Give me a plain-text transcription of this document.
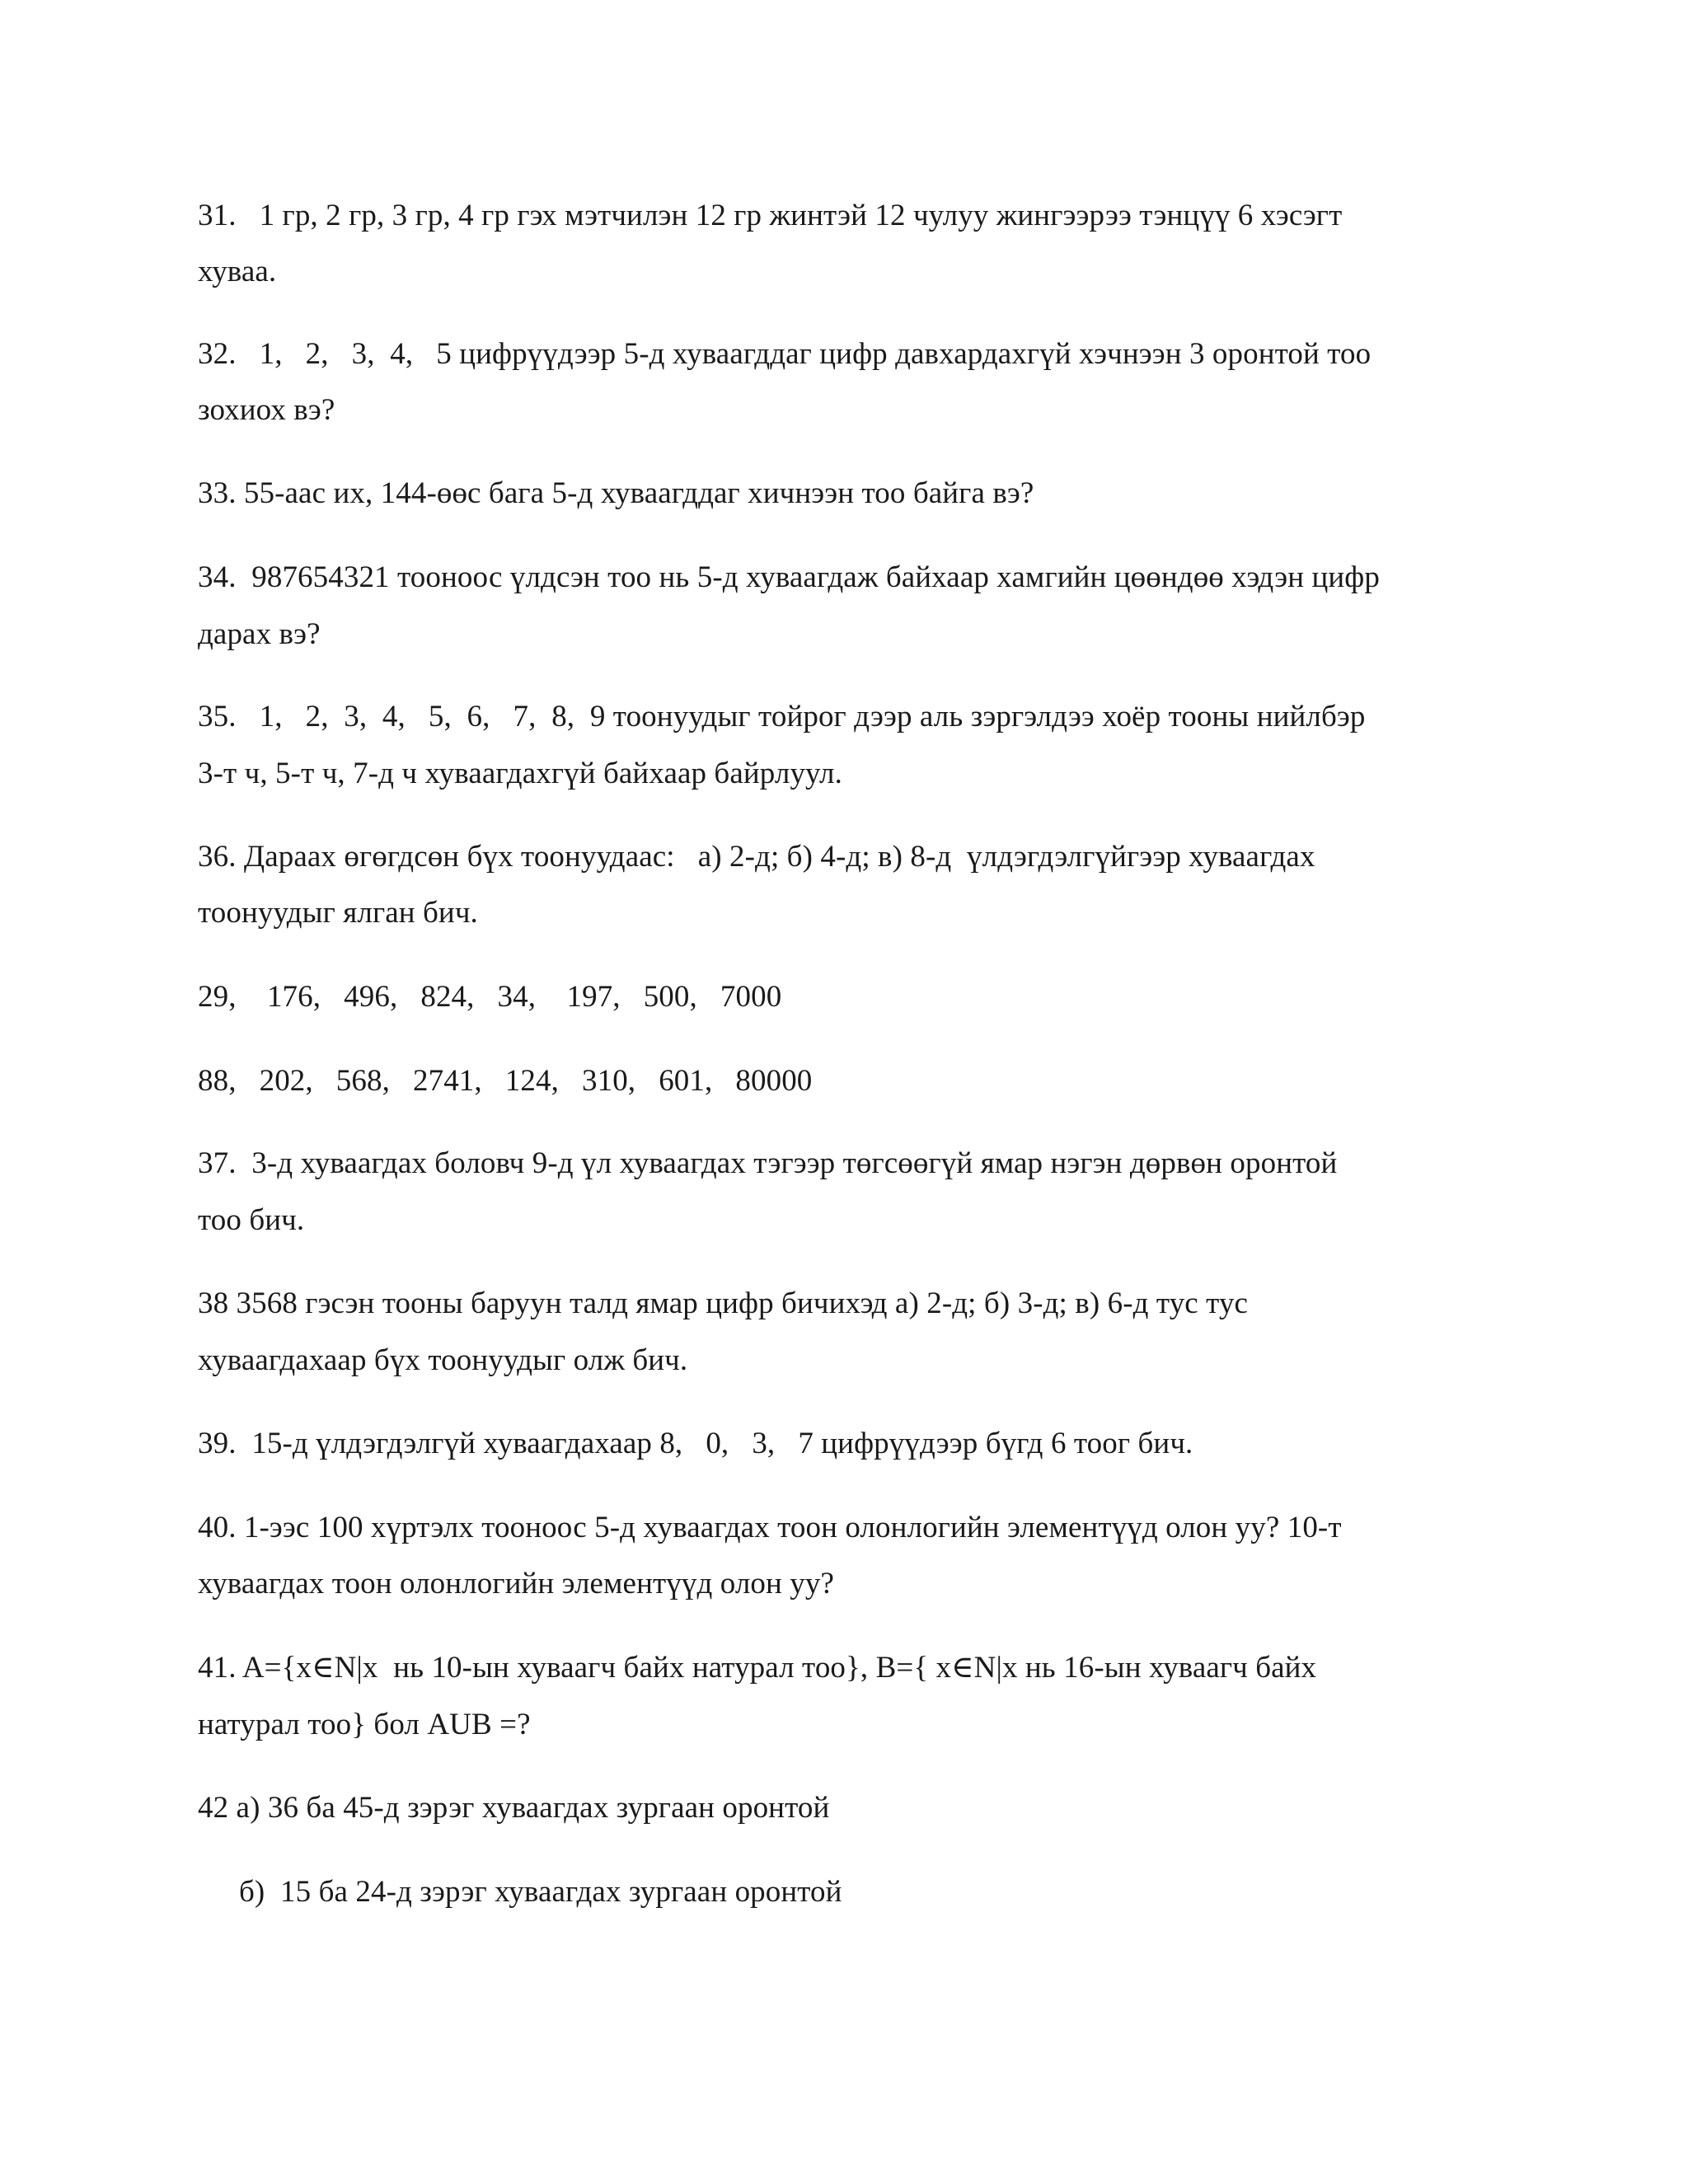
31.   1 гр, 2 гр, 3 гр, 4 гр гэх мэтчилэн 12 гр жинтэй 12 чулуу жингээрээ тэнцүү 6 хэсэгт
хуваа.
32.   1,   2,   3,  4,   5 цифрүүдээр 5-д хуваагддаг цифр давхардахгүй хэчнээн 3 оронтой тоо
зохиох вэ?
33. 55-аас их, 144-өөс бага 5-д хуваагддаг хичнээн тоо байга вэ?
34.  987654321 тооноос үлдсэн тоо нь 5-д хуваагдаж байхаар хамгийн цөөндөө хэдэн цифр
дарах вэ?
35.   1,   2,  3,  4,   5,  6,   7,  8,  9 тоонуудыг тойрог дээр аль зэргэлдээ хоёр тооны нийлбэр
3-т ч, 5-т ч, 7-д ч хуваагдахгүй байхаар байрлуул.
36. Дараах өгөгдсөн бүх тоонуудаас:   а) 2-д; б) 4-д; в) 8-д  үлдэгдэлгүйгээр хуваагдах
тоонуудыг ялган бич.
29,    176,   496,   824,   34,    197,   500,   7000
88,   202,   568,   2741,   124,   310,   601,   80000
37.  3-д хуваагдах боловч 9-д үл хуваагдах тэгээр төгсөөгүй ямар нэгэн дөрвөн оронтой
тоо бич.
38 3568 гэсэн тооны баруун талд ямар цифр бичихэд а) 2-д; б) 3-д; в) 6-д тус тус
хуваагдахаар бүх тоонуудыг олж бич.
39.  15-д үлдэгдэлгүй хуваагдахаар 8,   0,   3,   7 цифрүүдээр бүгд 6 тоог бич.
40. 1-ээс 100 хүртэлх тооноос 5-д хуваагдах тоон олонлогийн элементүүд олон уу? 10-т
хуваагдах тоон олонлогийн элементүүд олон уу?
41. A={x∈N|x  нь 10-ын хуваагч байх натурал тоо}, B={ x∈N|x нь 16-ын хуваагч байх
натурал тоо} бол AUB =?
42 а) 36 ба 45-д зэрэг хуваагдах зургаан оронтой
б)  15 ба 24-д зэрэг хуваагдах зургаан оронтой
